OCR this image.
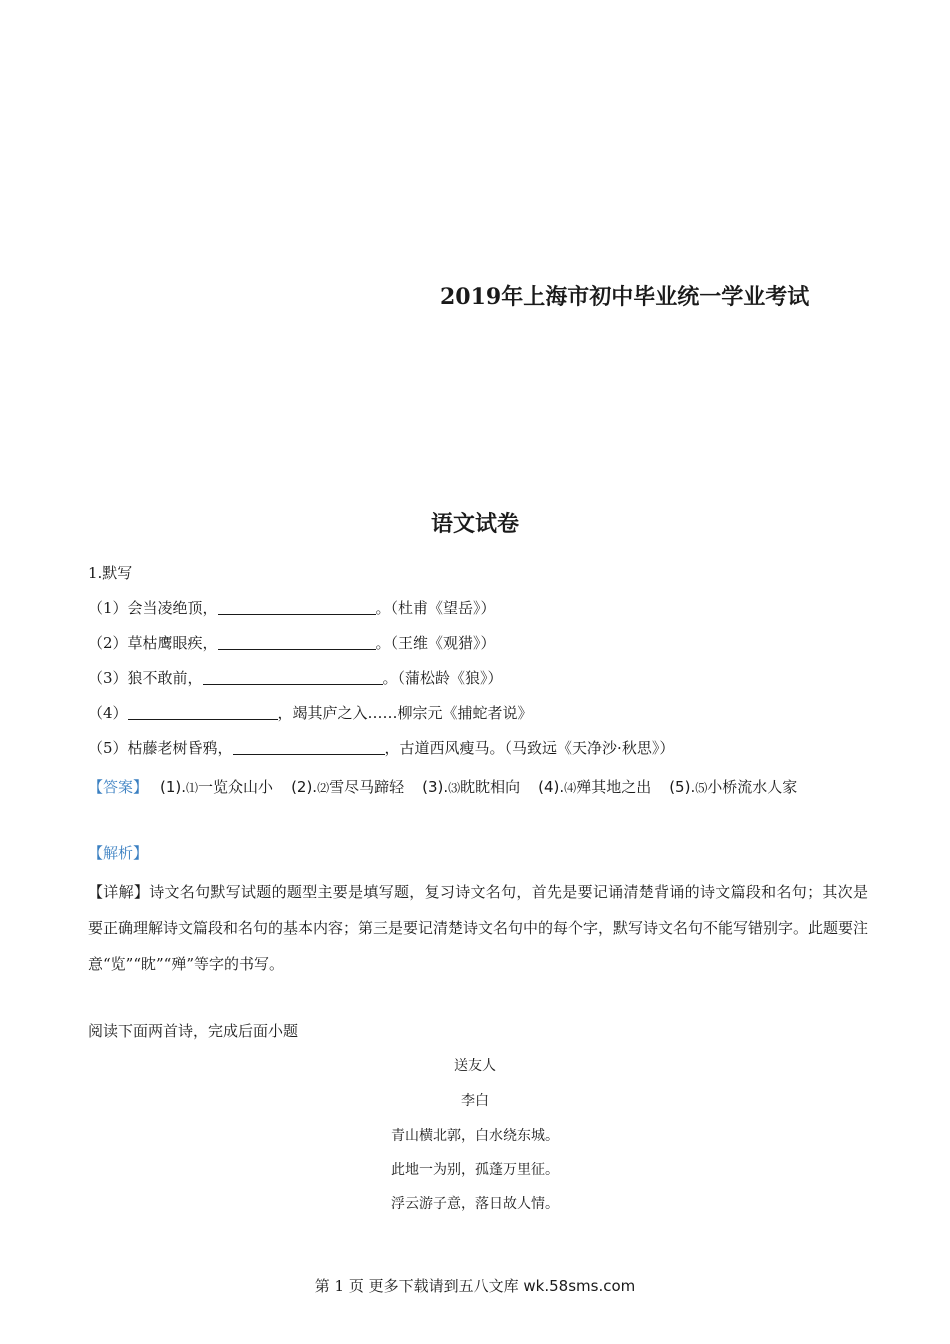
2019年上海市初中毕业统一学业考试
语文试卷
1.默写
（1）会当凌绝顶，	。（杜甫《望岳》）
（2）草枯鹰眼疾，	。（王维《观猎》）
（3）狼不敢前，	。（蒲松龄《狼》）
（4）	，竭其庐之入……柳宗元《捕蛇者说》
（5）枯藤老树昏鸦，	，古道西风瘦马。（马致远《天净沙·秋思》）
【答案】 (1).⑴一览众山小 (2).⑵雪尽马蹄轻 (3).⑶眈眈相向 (4).⑷殚其地之出 (5).⑸小桥流水人家
【解析】
【详解】诗文名句默写试题的题型主要是填写题，复习诗文名句，首先是要记诵清楚背诵的诗文篇段和名句；其次是要正确理解诗文篇段和名句的基本内容；第三是要记清楚诗文名句中的每个字，默写诗文名句不能写错别字。此题要注意“览”“眈”“殚”等字的书写。
阅读下面两首诗，完成后面小题
送友人
李白
青山横北郭，白水绕东城。
此地一为别，孤蓬万里征。
浮云游子意，落日故人情。
第 1 页 更多下载请到五八文库 wk.58sms.com
